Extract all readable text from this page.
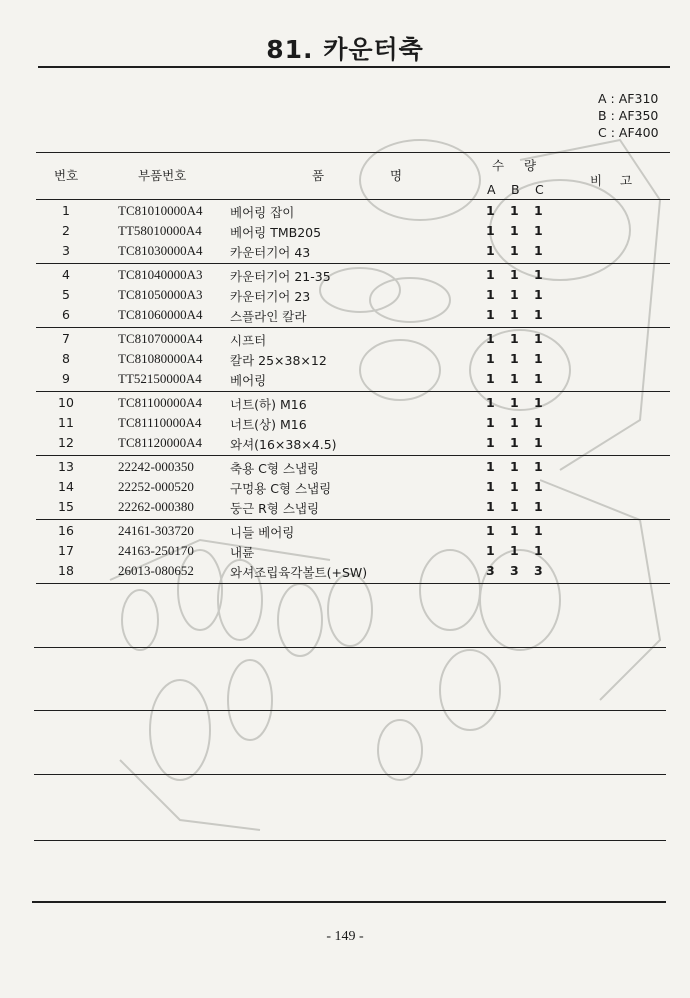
81. 카운터축
A : AF310
B : AF350
C : AF400
번호	부품번호	품	명
수 량
A B C
비 고
1	TC81010000A4 베어링 잡이	1 1 1
2	TT58010000A4 베어링 TMB205	1 1 1
3	TC81030000A4 카운터기어 43	1 1 1
4	TC81040000A3 카운터기어 21-35	1 1 1
5	TC81050000A3 카운터기어 23	1 1 1
6	TC81060000A4 스플라인 칼라	1 1 1
7	TC81070000A4 시프터	1 1 1
8	TC81080000A4 칼라 25×38×12	1 1 1
9	TT52150000A4 베어링	1 1 1
10	TC81100000A4 너트(하) M16	1 1 1
11	TC81110000A4 너트(상) M16	1 1 1
12	TC81120000A4 와셔(16×38×4.5)	1 1 1
13	22242-000350	축용 C형 스냅링	1 1 1
14	22252-000520	구멍용 C형 스냅링	1 1 1
15	22262-000380	둥근 R형 스냅링	1 1 1
16	24161-303720	니들 베어링	1 1 1
17	24163-250170	내륜	1 1 1
18	26013-080652	와셔조립육각볼트(+SW)	3 3 3
- 149 -
